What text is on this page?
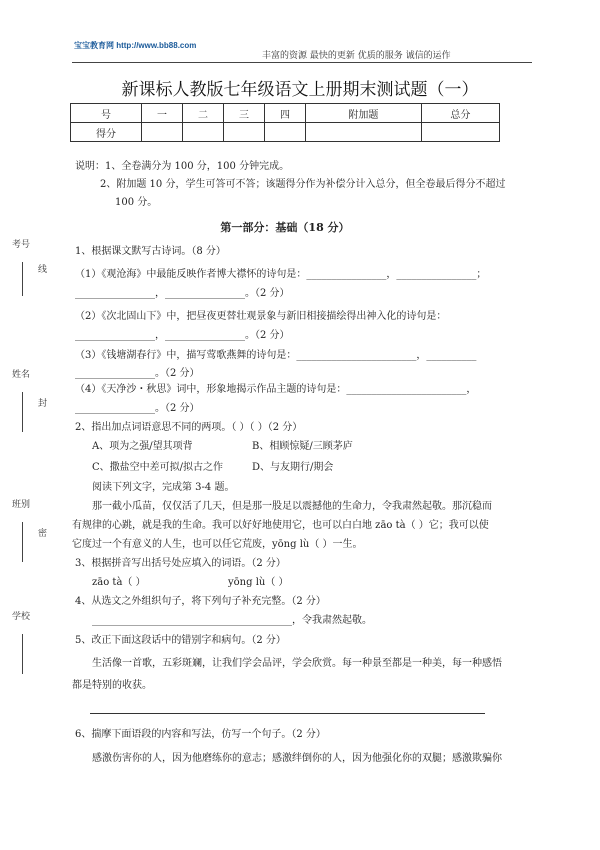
宝宝教育网 http://www.bb88.com
丰富的资源 最快的更新 优质的服务 诚信的运作
新课标人教版七年级语文上册期末测试题（一）
号	一	二	三	四	附加题	总分
得分						
说明：1、全卷满分为 100 分，100 分钟完成。
2、附加题 10 分，学生可答可不答；该题得分作为补偿分计入总分，但全卷最后得分不超过
100 分。
第一部分：基础（18 分）
考号
线
姓名
封
班别
密
学校
1、根据课文默写古诗词。（8 分）
（1）《观沧海》中最能反映作者博大襟怀的诗句是：________________，________________；
________________，________________。（2 分）
（2）《次北固山下》中，把昼夜更替壮观景象与新旧相接描绘得出神入化的诗句是：
________________，________________。（2 分）
（3）《钱塘湖春行》中，描写莺歌燕舞的诗句是：________________________，__________
________________。（2 分）
（4）《天净沙・秋思》词中，形象地揭示作品主题的诗句是：________________________，
________________。（2 分）
2、指出加点词语意思不同的两项。（ ）（ ）（2 分）
A、项为之强/望其项背	B、相顾惊疑/三顾茅庐
C、撒盐空中差可拟/拟古之作	D、与友期行/期会
阅读下列文字，完成第 3-4 题。
那一截小瓜苗，仅仅活了几天，但是那一股足以震撼他的生命力，令我肃然起敬。那沉稳而
有规律的心跳，就是我的生命。我可以好好地使用它，也可以白白地 zāo tà（ ）它；我可以使
它度过一个有意义的人生，也可以任它荒废，yōng lù（ ）一生。
3、根据拼音写出括号处应填入的词语。（2 分）
zāo tà（ ）	yōng lù（ ）
4、从选文之外组织句子，将下列句子补充完整。（2 分）
________________________________________，令我肃然起敬。
5、改正下面这段话中的错别字和病句。（2 分）
生活像一首歌，五彩斑斓，让我们学会品评，学会欣赏。每一种景至都是一种美，每一种感悟
都是特别的收获。
6、揣摩下面语段的内容和写法，仿写一个句子。（2 分）
感激伤害你的人，因为他磨练你的意志；感激绊倒你的人，因为他强化你的双腿；感激欺骗你
